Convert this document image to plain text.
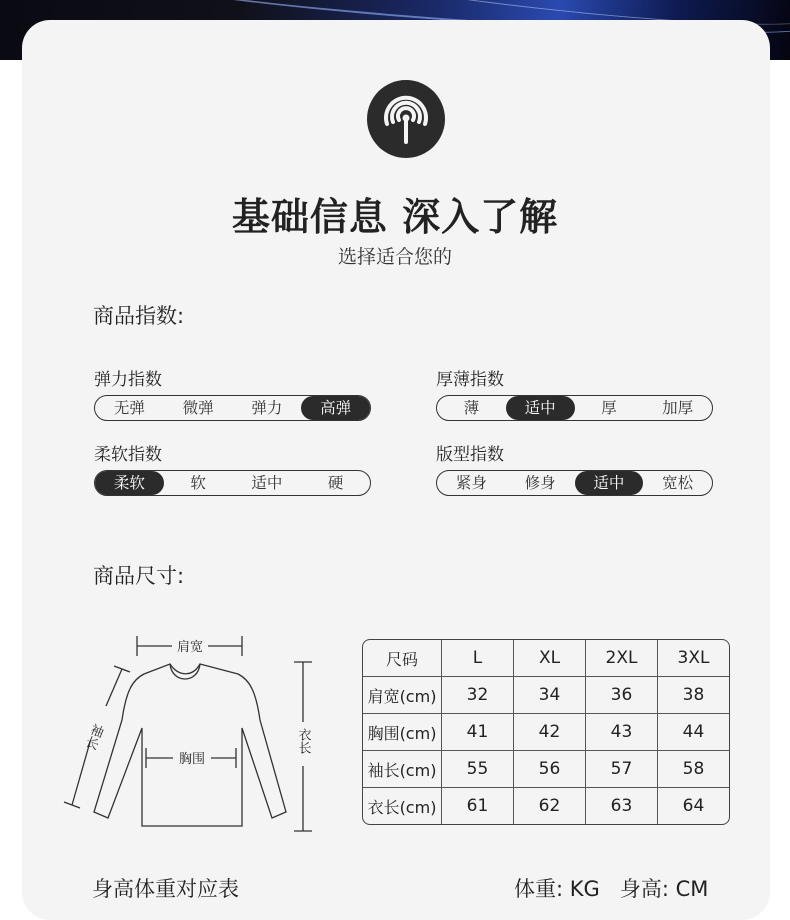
基础信息 深入了解
选择适合您的
商品指数:
弹力指数
无弹	微弹	弹力	高弹
厚薄指数
薄	适中	厚	加厚
柔软指数
柔软	软	适中	硬
版型指数
紧身	修身	适中	宽松
商品尺寸:
肩宽
胸围
衣长
袖长
尺码	L	XL	2XL	3XL
肩宽(cm)	32	34	36	38
胸围(cm)	41	42	43	44
袖长(cm)	55	56	57	58
衣长(cm)	61	62	63	64
身高体重对应表	体重: KG   身高: CM
